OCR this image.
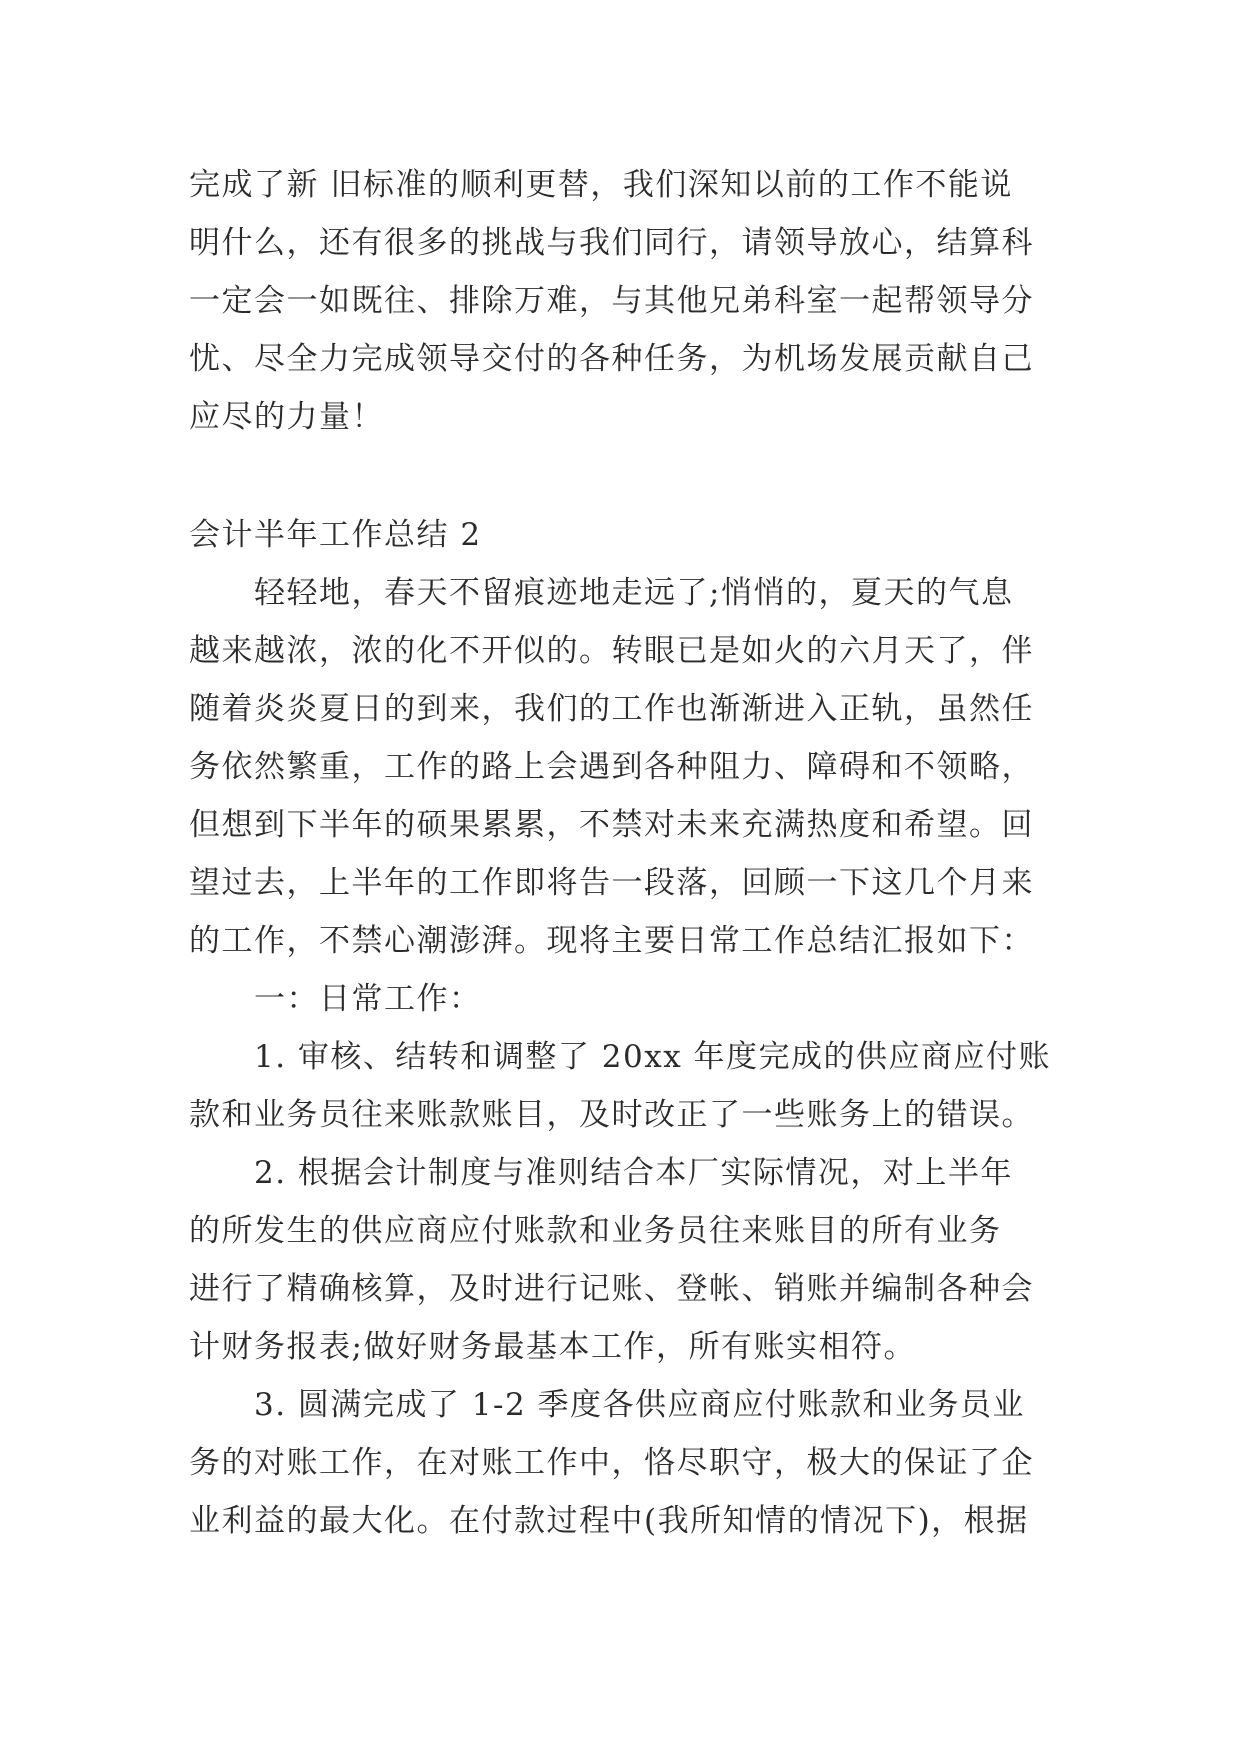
完成了新 旧标准的顺利更替，我们深知以前的工作不能说
明什么，还有很多的挑战与我们同行，请领导放心，结算科
一定会一如既往、排除万难，与其他兄弟科室一起帮领导分
忧、尽全力完成领导交付的各种任务，为机场发展贡献自己
应尽的力量！
会计半年工作总结 2
　　轻轻地，春天不留痕迹地走远了;悄悄的，夏天的气息
越来越浓，浓的化不开似的。转眼已是如火的六月天了，伴
随着炎炎夏日的到来，我们的工作也渐渐进入正轨，虽然任
务依然繁重，工作的路上会遇到各种阻力、障碍和不领略，
但想到下半年的硕果累累，不禁对未来充满热度和希望。回
望过去，上半年的工作即将告一段落，回顾一下这几个月来
的工作，不禁心潮澎湃。现将主要日常工作总结汇报如下：
　　一：日常工作：
　　1. 审核、结转和调整了 20xx 年度完成的供应商应付账
款和业务员往来账款账目，及时改正了一些账务上的错误。
　　2. 根据会计制度与准则结合本厂实际情况，对上半年
的所发生的供应商应付账款和业务员往来账目的所有业务
进行了精确核算，及时进行记账、登帐、销账并编制各种会
计财务报表;做好财务最基本工作，所有账实相符。
　　3. 圆满完成了 1-2 季度各供应商应付账款和业务员业
务的对账工作，在对账工作中，恪尽职守，极大的保证了企
业利益的最大化。在付款过程中(我所知情的情况下)，根据
